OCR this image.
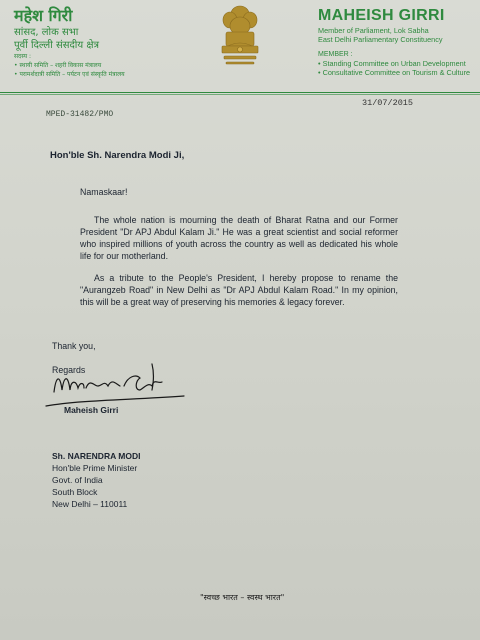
महेश गिरी
सांसद, लोक सभा
पूर्वी दिल्ली संसदीय क्षेत्र
सदस्य :
• स्थायी समिति – शहरी विकास मंत्रालय
• परामर्शदात्री समिति – पर्यटन एवं संस्कृति मंत्रालय
MAHEISH GIRRI
Member of Parliament, Lok Sabha
East Delhi Parliamentary Constituency
MEMBER :
• Standing Committee on Urban Development
• Consultative Committee on Tourism & Culture
31/07/2015
MPED-31482/PMO
Hon'ble Sh. Narendra Modi Ji,
Namaskaar!
The whole nation is mourning the death of Bharat Ratna and our Former President "Dr APJ Abdul Kalam Ji." He was a great scientist and social reformer who inspired millions of youth across the country as well as dedicated his whole life for our motherland.
As a tribute to the People's President, I hereby propose to rename the "Aurangzeb Road" in New Delhi as "Dr APJ Abdul Kalam Road." In my opinion, this will be a great way of preserving his memories & legacy forever.
Thank you,
Regards
Maheish Girri
Sh. NARENDRA MODI
Hon'ble Prime Minister
Govt. of India
South Block
New Delhi – 110011
"स्वच्छ भारत – स्वस्थ भारत"
